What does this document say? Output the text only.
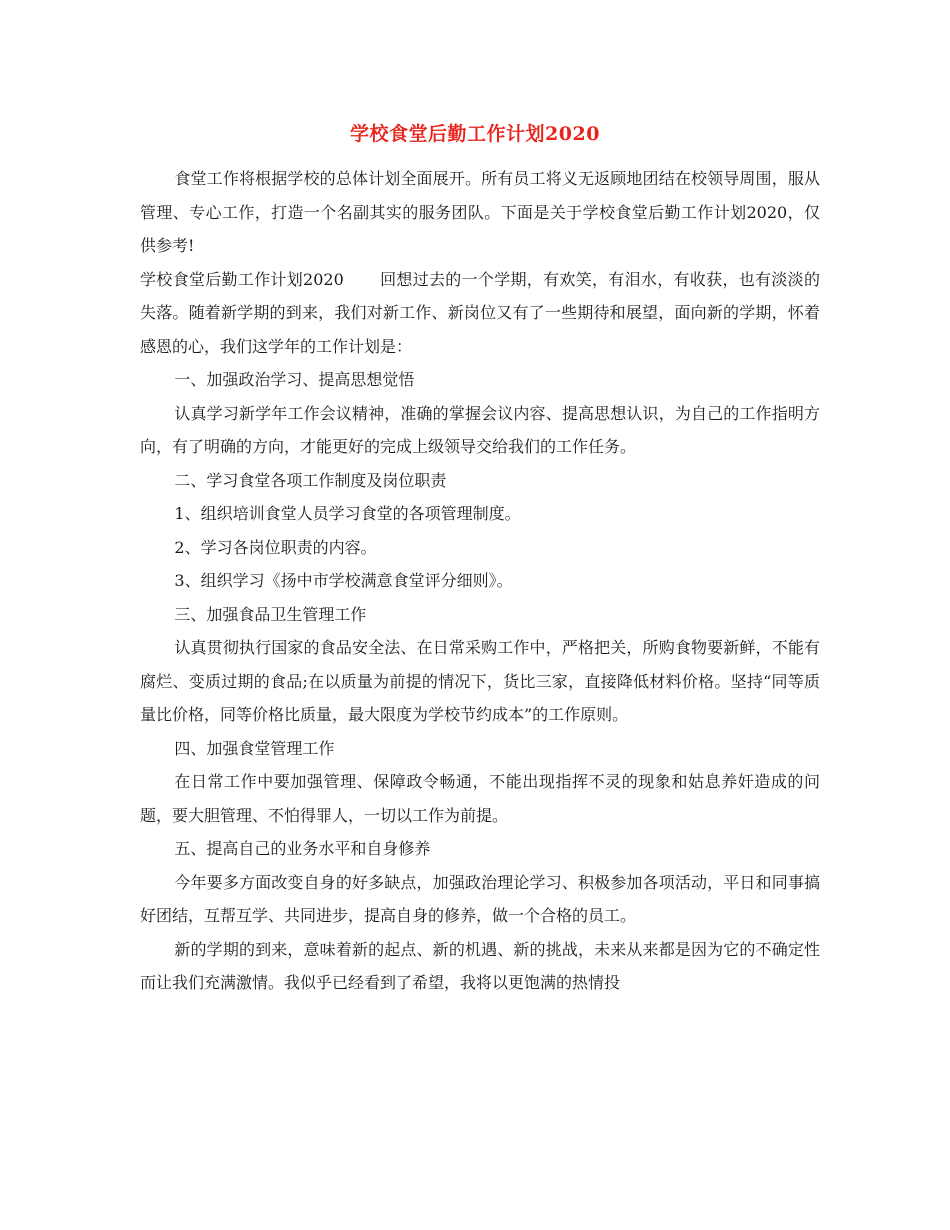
学校食堂后勤工作计划2020

食堂工作将根据学校的总体计划全面展开。所有员工将义无返顾地团结在校领导周围，服从管理、专心工作，打造一个名副其实的服务团队。下面是关于学校食堂后勤工作计划2020，仅供参考!

学校食堂后勤工作计划2020 回想过去的一个学期，有欢笑，有泪水，有收获，也有淡淡的失落。随着新学期的到来，我们对新工作、新岗位又有了一些期待和展望，面向新的学期，怀着感恩的心，我们这学年的工作计划是：

一、加强政治学习、提高思想觉悟

认真学习新学年工作会议精神，准确的掌握会议内容、提高思想认识，为自己的工作指明方向，有了明确的方向，才能更好的完成上级领导交给我们的工作任务。

二、学习食堂各项工作制度及岗位职责

1、组织培训食堂人员学习食堂的各项管理制度。

2、学习各岗位职责的内容。

3、组织学习《扬中市学校满意食堂评分细则》。

三、加强食品卫生管理工作

认真贯彻执行国家的食品安全法、在日常采购工作中，严格把关，所购食物要新鲜，不能有腐烂、变质过期的食品;在以质量为前提的情况下，货比三家，直接降低材料价格。坚持“同等质量比价格，同等价格比质量，最大限度为学校节约成本”的工作原则。

四、加强食堂管理工作

在日常工作中要加强管理、保障政令畅通，不能出现指挥不灵的现象和姑息养奸造成的问题，要大胆管理、不怕得罪人，一切以工作为前提。

五、提高自己的业务水平和自身修养

今年要多方面改变自身的好多缺点，加强政治理论学习、积极参加各项活动，平日和同事搞好团结，互帮互学、共同进步，提高自身的修养，做一个合格的员工。

新的学期的到来，意味着新的起点、新的机遇、新的挑战，未来从来都是因为它的不确定性而让我们充满激情。我似乎已经看到了希望，我将以更饱满的热情投
